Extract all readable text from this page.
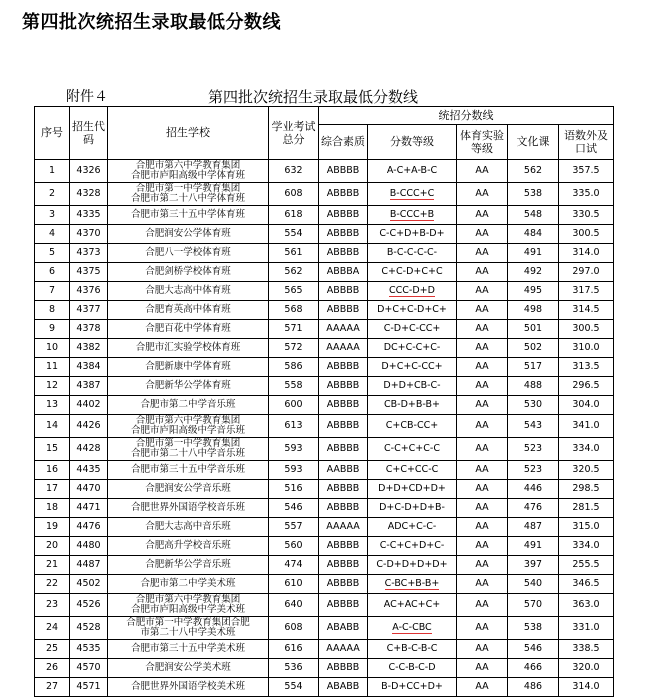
第四批次统招生录取最低分数线
附件４	第四批次统招生录取最低分数线
序号	招生代码	招生学校	学业考试总分	统招分数线				
				综合素质	分数等级	体育实验等级	文化课	语数外及口试
1	4326	合肥市第六中学教育集团
合肥市庐阳高级中学体育班	632	ABBBB	A-C+A-B-C	AA	562	357.5
2	4328	合肥市第一中学教育集团
合肥市第二十八中学体育班	608	ABBBB	B-CCC+C	AA	538	335.0
3	4335	合肥市第三十五中学体育班	618	ABBBB	B-CCC+B	AA	548	330.5
4	4370	合肥润安公学体育班	554	ABBBB	C-C+D+B-D+	AA	484	300.5
5	4373	合肥八一学校体育班	561	ABBBB	B-C-C-C-C-	AA	491	314.0
6	4375	合肥剑桥学校体育班	562	ABBBA	C+C-D+C+C	AA	492	297.0
7	4376	合肥大志高中体育班	565	ABBBB	CCC-D+D	AA	495	317.5
8	4377	合肥育英高中体育班	568	ABBBB	D+C+C-D+C+	AA	498	314.5
9	4378	合肥百花中学体育班	571	AAAAA	C-D+C-CC+	AA	501	300.5
10	4382	合肥市汇实验学校体育班	572	AAAAA	DC+C-C+C-	AA	502	310.0
11	4384	合肥新康中学体育班	586	ABBBB	D+C+C-CC+	AA	517	313.5
12	4387	合肥新华公学体育班	558	ABBBB	D+D+CB-C-	AA	488	296.5
13	4402	合肥市第二中学音乐班	600	ABBBB	CB-D+B-B+	AA	530	304.0
14	4426	合肥市第六中学教育集团
合肥市庐阳高级中学音乐班	613	ABBBB	C+CB-CC+	AA	543	341.0
15	4428	合肥市第一中学教育集团
合肥市第二十八中学音乐班	593	ABBBB	C-C+C+C-C	AA	523	334.0
16	4435	合肥市第三十五中学音乐班	593	AABBB	C+C+CC-C	AA	523	320.5
17	4470	合肥润安公学音乐班	516	ABBBB	D+D+CD+D+	AA	446	298.5
18	4471	合肥世界外国语学校音乐班	546	ABBBB	D+C-D+D+B-	AA	476	281.5
19	4476	合肥大志高中音乐班	557	AAAAA	ADC+C-C-	AA	487	315.0
20	4480	合肥高升学校音乐班	560	ABBBB	C-C+C+D+C-	AA	491	334.0
21	4487	合肥新华公学音乐班	474	ABBBB	C-D+D+D+D+	AA	397	255.5
22	4502	合肥市第二中学美术班	610	ABBBB	C-BC+B-B+	AA	540	346.5
23	4526	合肥市第六中学教育集团
合肥市庐阳高级中学美术班	640	ABBBB	AC+AC+C+	AA	570	363.0
24	4528	合肥市第一中学教育集团合肥
市第二十八中学美术班	608	ABABB	A-C-CBC	AA	538	331.0
25	4535	合肥市第三十五中学美术班	616	AAAAA	C+B-C-B-C	AA	546	338.5
26	4570	合肥润安公学美术班	536	ABBBB	C-C-B-C-D	AA	466	320.0
27	4571	合肥世界外国语学校美术班	554	ABABB	B-D+CC+D+	AA	486	314.0
